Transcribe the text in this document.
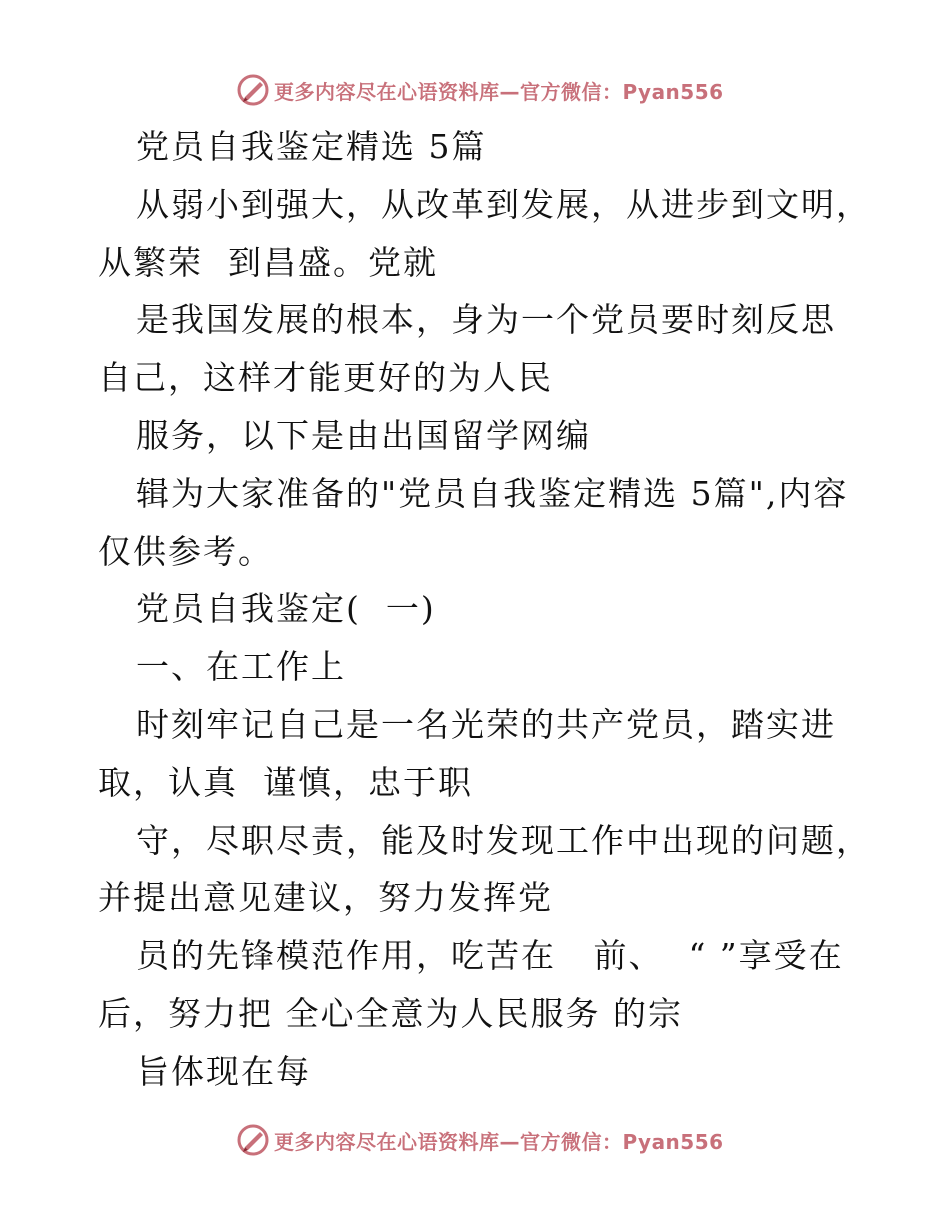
更多内容尽在心语资料库—官方微信：Pyan556
党员自我鉴定精选 5篇
从弱小到强大，从改革到发展，从进步到文明，
从繁荣  到昌盛。党就
是我国发展的根本，身为一个党员要时刻反思
自己，这样才能更好的为人民
服务，以下是由出国留学网编
辑为大家准备的"党员自我鉴定精选 5篇",内容
仅供参考。
党员自我鉴定(  一)
一、在工作上
时刻牢记自己是一名光荣的共产党员，踏实进
取，认真  谨慎，忠于职
守，尽职尽责，能及时发现工作中出现的问题，
并提出意见建议，努力发挥党
员的先锋模范作用，吃苦在   前、  “ ”享受在
后，努力把 全心全意为人民服务 的宗
旨体现在每
更多内容尽在心语资料库—官方微信：Pyan556
